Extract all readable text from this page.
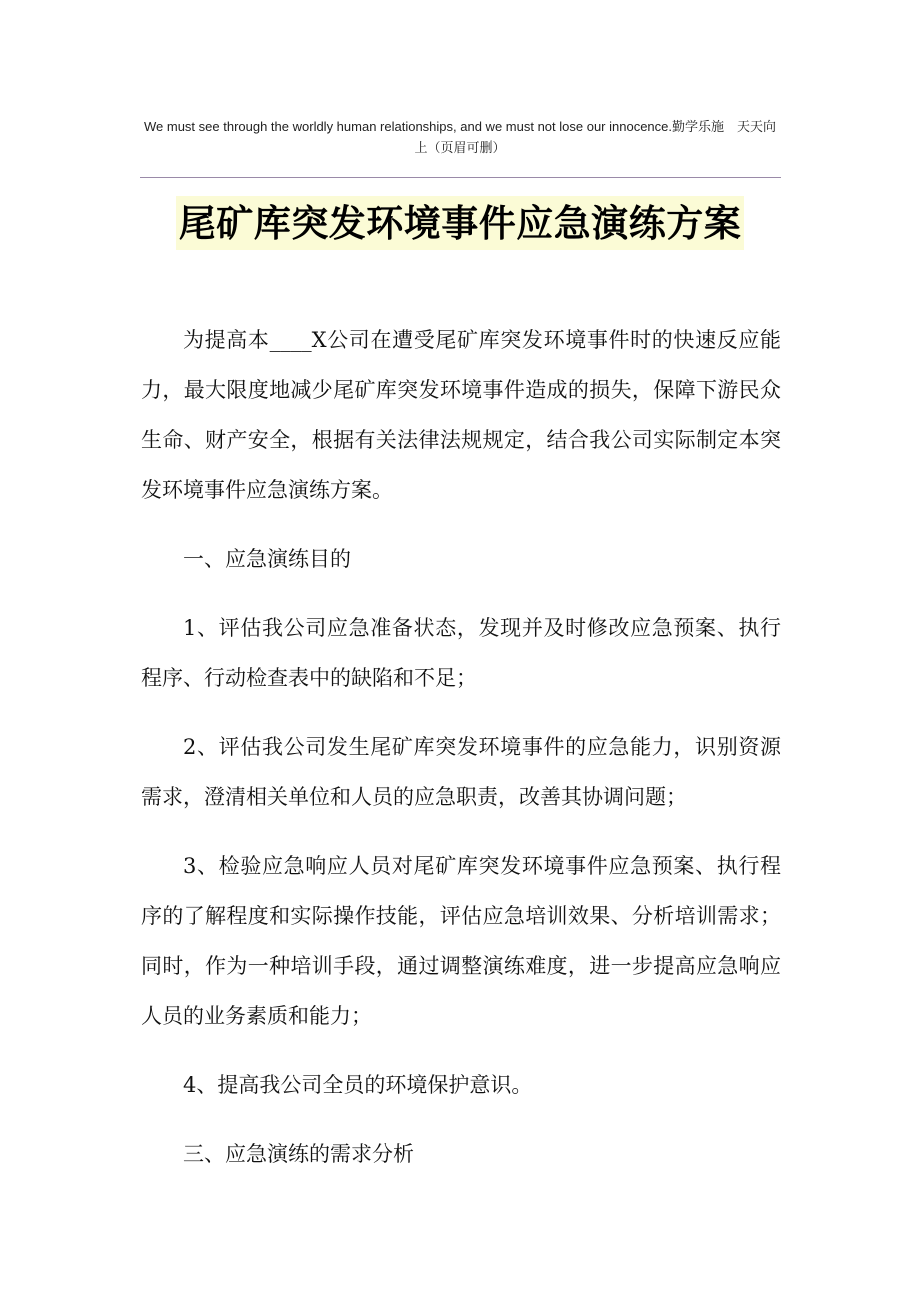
We must see through the worldly human relationships, and we must not lose our innocence.勤学乐施　天天向
上（页眉可删）
尾矿库突发环境事件应急演练方案

为提高本____X公司在遭受尾矿库突发环境事件时的快速反应能力，最大限度地减少尾矿库突发环境事件造成的损失，保障下游民众生命、财产安全，根据有关法律法规规定，结合我公司实际制定本突发环境事件应急演练方案。

一、应急演练目的

1、评估我公司应急准备状态，发现并及时修改应急预案、执行程序、行动检查表中的缺陷和不足；

2、评估我公司发生尾矿库突发环境事件的应急能力，识别资源需求，澄清相关单位和人员的应急职责，改善其协调问题；

3、检验应急响应人员对尾矿库突发环境事件应急预案、执行程序的了解程度和实际操作技能，评估应急培训效果、分析培训需求；同时，作为一种培训手段，通过调整演练难度，进一步提高应急响应人员的业务素质和能力；

4、提高我公司全员的环境保护意识。

三、应急演练的需求分析
